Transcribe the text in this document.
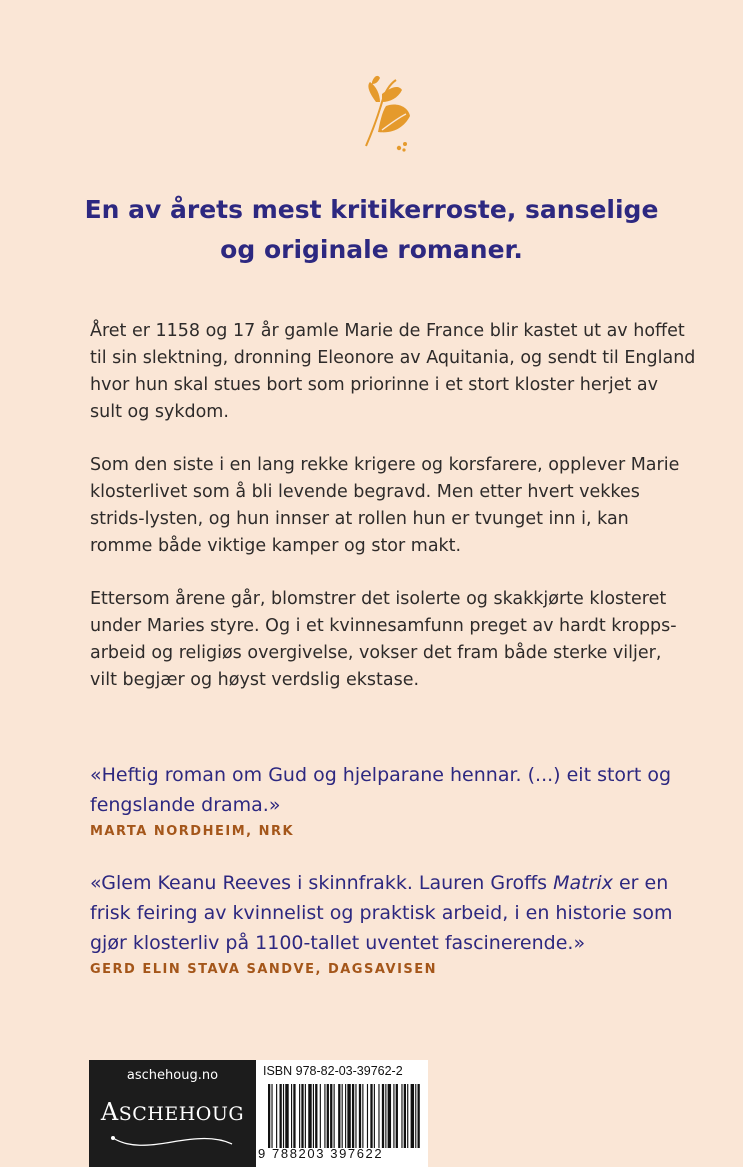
En av årets mest kritikerroste, sanselige
og originale romaner.

Året er 1158 og 17 år gamle Marie de France blir kastet ut av hoffet
til sin slektning, dronning Eleonore av Aquitania, og sendt til England
hvor hun skal stues bort som priorinne i et stort kloster herjet av
sult og sykdom.

Som den siste i en lang rekke krigere og korsfarere, opplever Marie
klosterlivet som å bli levende begravd. Men etter hvert vekkes
strids-lysten, og hun innser at rollen hun er tvunget inn i, kan
romme både viktige kamper og stor makt.

Ettersom årene går, blomstrer det isolerte og skakkjørte klosteret
under Maries styre. Og i et kvinnesamfunn preget av hardt kropps-
arbeid og religiøs overgivelse, vokser det fram både sterke viljer,
vilt begjær og høyst verdslig ekstase.

«Heftig roman om Gud og hjelparane hennar. (...) eit stort og
fengslande drama.»
MARTA NORDHEIM, NRK
«Glem Keanu Reeves i skinnfrakk. Lauren Groffs Matrix er en
frisk feiring av kvinnelist og praktisk arbeid, i en historie som
gjør klosterliv på 1100-tallet uventet fascinerende.»
GERD ELIN STAVA SANDVE, DAGSAVISEN
aschehoug.no
ASCHEHOUG
ISBN 978-82-03-39762-2
9 788203 397622
